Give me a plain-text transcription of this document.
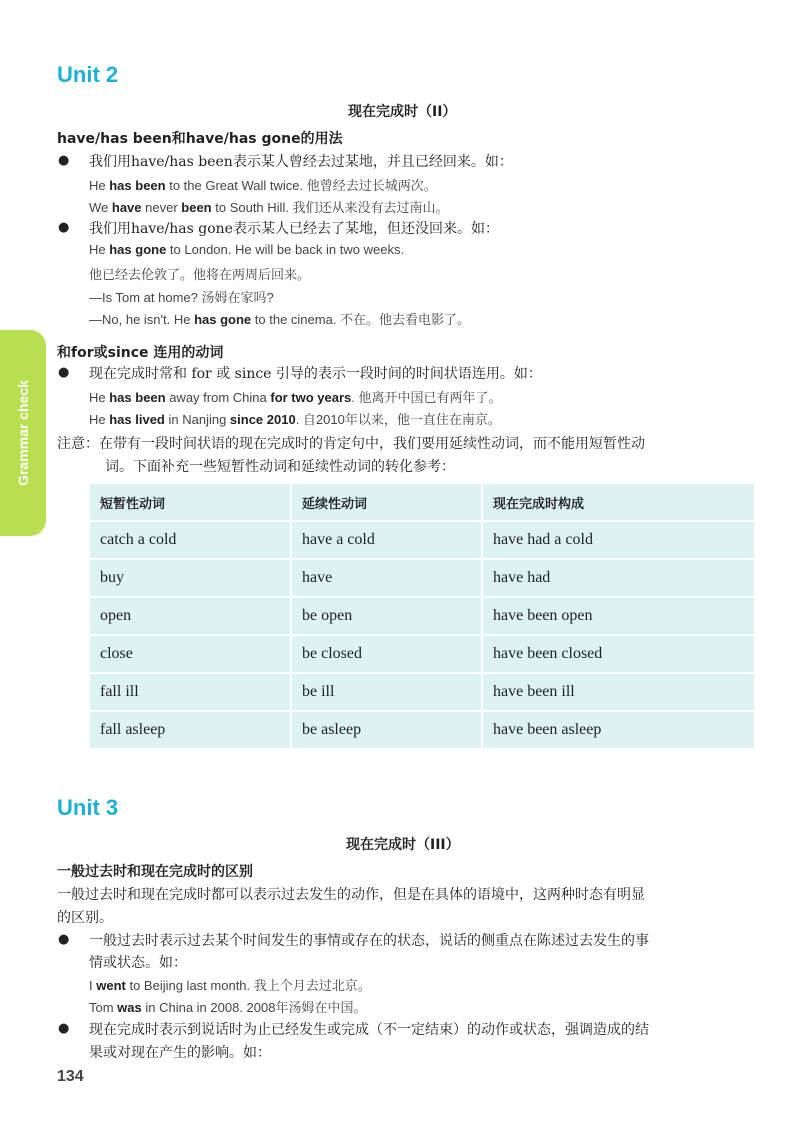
Unit 2
现在完成时（II）
have/has been和have/has gone的用法
● 我们用have/has been表示某人曾经去过某地，并且已经回来。如：
He has been to the Great Wall twice. 他曾经去过长城两次。
We have never been to South Hill. 我们还从来没有去过南山。
● 我们用have/has gone表示某人已经去了某地，但还没回来。如：
He has gone to London. He will be back in two weeks.
他已经去伦敦了。他将在两周后回来。
—Is Tom at home? 汤姆在家吗?
—No, he isn't. He has gone to the cinema. 不在。他去看电影了。
Grammar check
和for或since 连用的动词
● 现在完成时常和 for 或 since 引导的表示一段时间的时间状语连用。如：
He has been away from China for two years. 他离开中国已有两年了。
He has lived in Nanjing since 2010. 自2010年以来，他一直住在南京。
注意：在带有一段时间状语的现在完成时的肯定句中，我们要用延续性动词，而不能用短暂性动
词。下面补充一些短暂性动词和延续性动词的转化参考：
短暂性动词	延续性动词	现在完成时构成
catch a cold	have a cold	have had a cold
buy	have	have had
open	be open	have been open
close	be closed	have been closed
fall ill	be ill	have been ill
fall asleep	be asleep	have been asleep
Unit 3
现在完成时（III）
一般过去时和现在完成时的区别
一般过去时和现在完成时都可以表示过去发生的动作，但是在具体的语境中，这两种时态有明显
的区别。
● 一般过去时表示过去某个时间发生的事情或存在的状态，说话的侧重点在陈述过去发生的事
情或状态。如：
I went to Beijing last month. 我上个月去过北京。
Tom was in China in 2008. 2008年汤姆在中国。
● 现在完成时表示到说话时为止已经发生或完成（不一定结束）的动作或状态，强调造成的结
果或对现在产生的影响。如：
134
